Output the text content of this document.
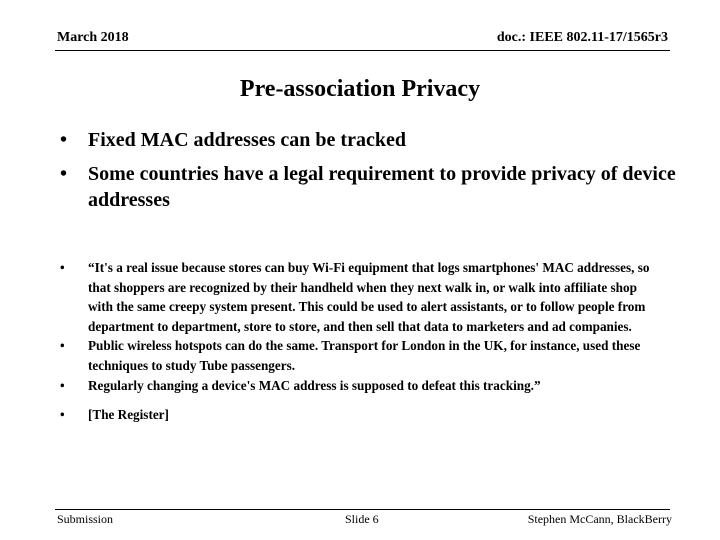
March 2018	doc.: IEEE 802.11-17/1565r3
Pre-association Privacy
• Fixed MAC addresses can be tracked
• Some countries have a legal requirement to provide privacy of device addresses
• “It's a real issue because stores can buy Wi-Fi equipment that logs smartphones' MAC addresses, so that shoppers are recognized by their handheld when they next walk in, or walk into affiliate shop with the same creepy system present. This could be used to alert assistants, or to follow people from department to department, store to store, and then sell that data to marketers and ad companies.
• Public wireless hotspots can do the same. Transport for London in the UK, for instance, used these techniques to study Tube passengers.
• Regularly changing a device's MAC address is supposed to defeat this tracking.”
• [The Register]
Submission	Slide 6	Stephen McCann, BlackBerry
